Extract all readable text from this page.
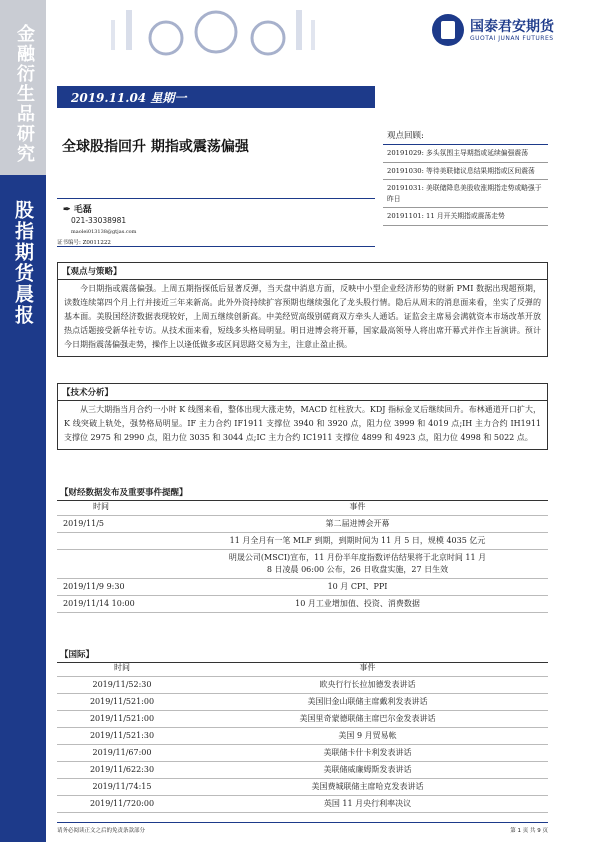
金融衍生品研究
股指期货晨报
国泰君安期货
GUOTAI JUNAN FUTURES
2019.11.04 星期一
全球股指回升 期指或震荡偏强
观点回顾:
20191029: 多头氛围主导期指或延续偏强震荡
20191030: 等待美联储议息结果期指或区间震荡
20191031: 美联储降息美股收涨期指走势或略强于昨日
20191101: 11 月开关期指或震荡走势
✒ 毛磊
021-33038981
maolei013138@gtjas.com
证书编号: Z0011222
【观点与策略】
今日期指或震荡偏强。上周五期指探低后显著反弹，当天盘中消息方面，反映中小型企业经济形势的财新 PMI 数据出现超预期，读数连续第四个月上行并接近三年来新高。此外外资持续扩容预期也继续强化了龙头股行情。隐后从周末的消息面来看，坐实了反弹的基本面。美股国经济数据表现较好，上周五继续创新高。中美经贸高级别磋商双方牵头人通话。证监会主席易会满就资本市场改革开放热点话题接受新华社专访。从技术面来看，短线多头格局明显。明日进博会将开幕，国家最高领导人将出席开幕式并作主旨演讲。预计今日期指震荡偏强走势，操作上以逢低做多或区间思路交易为主，注意止盈止损。
【技术分析】
从三大期指当月合约一小时 K 线图来看，整体出现大涨走势，MACD 红柱放大。KDJ 指标金叉后继续回升。布林通道开口扩大，K 线突破上轨处，强势格局明显。IF 主力合约 IF1911 支撑位 3940 和 3920 点，阻力位 3999 和 4019 点;IH 主力合约 IH1911 支撑位 2975 和 2990 点，阻力位 3035 和 3044 点;IC 主力合约 IC1911 支撑位 4899 和 4923 点，阻力位 4998 和 5022 点。
【财经数据发布及重要事件提醒】
时间	事件
2019/11/5	第二届进博会开幕
	11 月全月有一笔 MLF 到期，到期时间为 11 月 5 日，规模 4035 亿元
	明晟公司(MSCI)宣布，11 月份半年度指数评估结果将于北京时间 11 月 8 日凌晨 06:00 公布，26 日收盘实施，27 日生效
2019/11/9 9:30	10 月 CPI、PPI
2019/11/14 10:00	10 月工业增加值、投资、消费数据
【国际】
时间	事件
2019/11/52:30	欧央行行长拉加德发表讲话
2019/11/521:00	美国旧金山联储主席戴利发表讲话
2019/11/521:00	美国里奇蒙德联储主席巴尔金发表讲话
2019/11/521:30	美国 9 月贸易帐
2019/11/67:00	美联储卡什卡利发表讲话
2019/11/622:30	美联储威廉姆斯发表讲话
2019/11/74:15	美国费城联储主席哈克发表讲话
2019/11/720:00	英国 11 月央行利率决议
请务必阅读正文之后的免责条款部分	第 1 页 共 9 页
